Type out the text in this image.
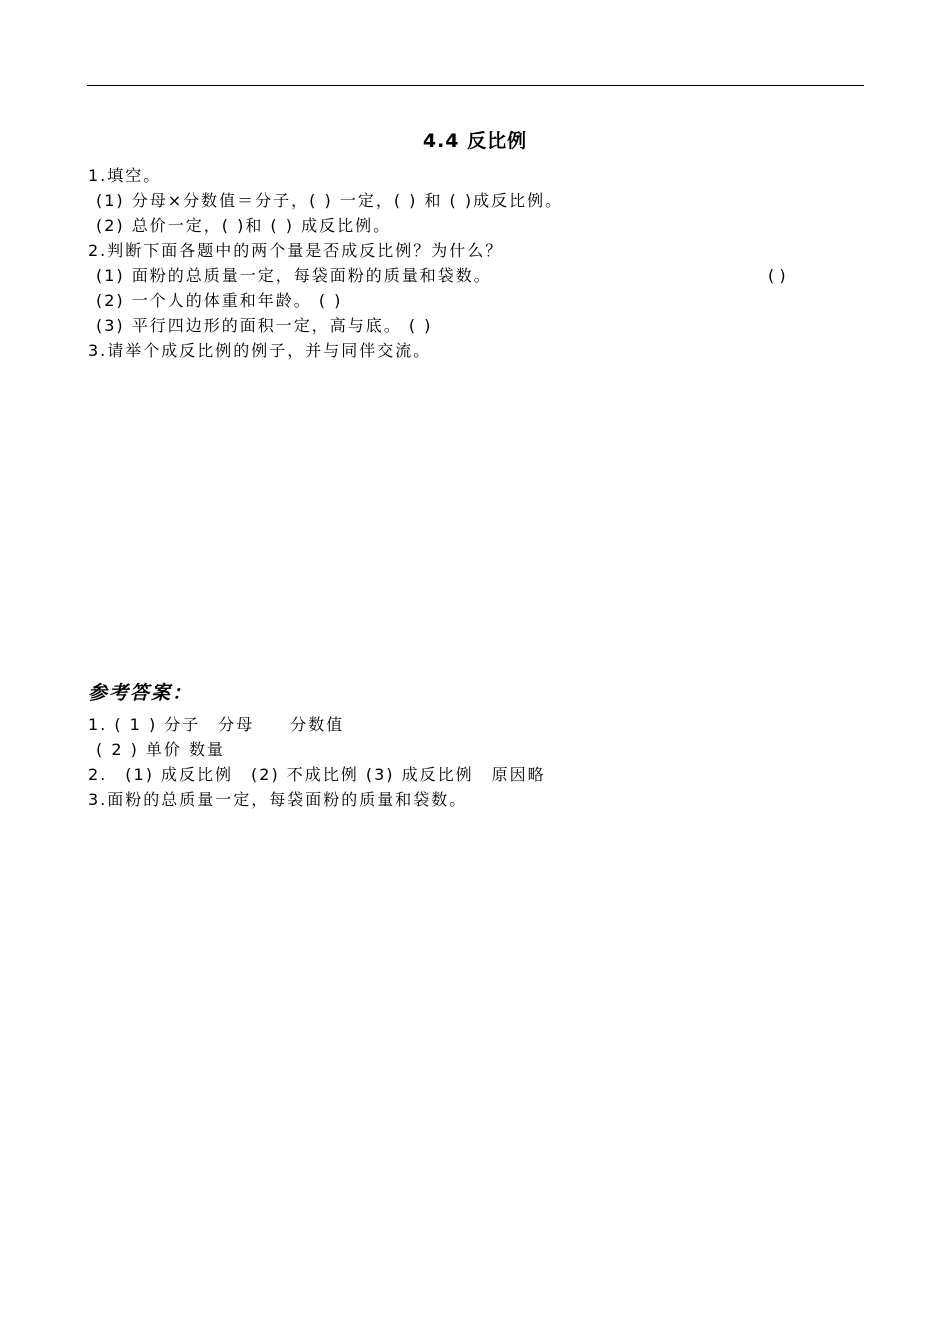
4.4 反比例
1.填空。
(1) 分母×分数值＝分子，( ) 一定，( ) 和 ( )成反比例。
(2) 总价一定，( )和 ( ) 成反比例。
2.判断下面各题中的两个量是否成反比例？为什么？
(1) 面粉的总质量一定，每袋面粉的质量和袋数。	( )
(2) 一个人的体重和年龄。 ( )
(3) 平行四边形的面积一定，高与底。 ( )
3.请举个成反比例的例子，并与同伴交流。
参考答案：
1. ( 1 ) 分子　分母　　分数值
( 2 ) 单价 数量
2.　(1) 成反比例　(2) 不成比例 (3) 成反比例　原因略
3.面粉的总质量一定，每袋面粉的质量和袋数。
